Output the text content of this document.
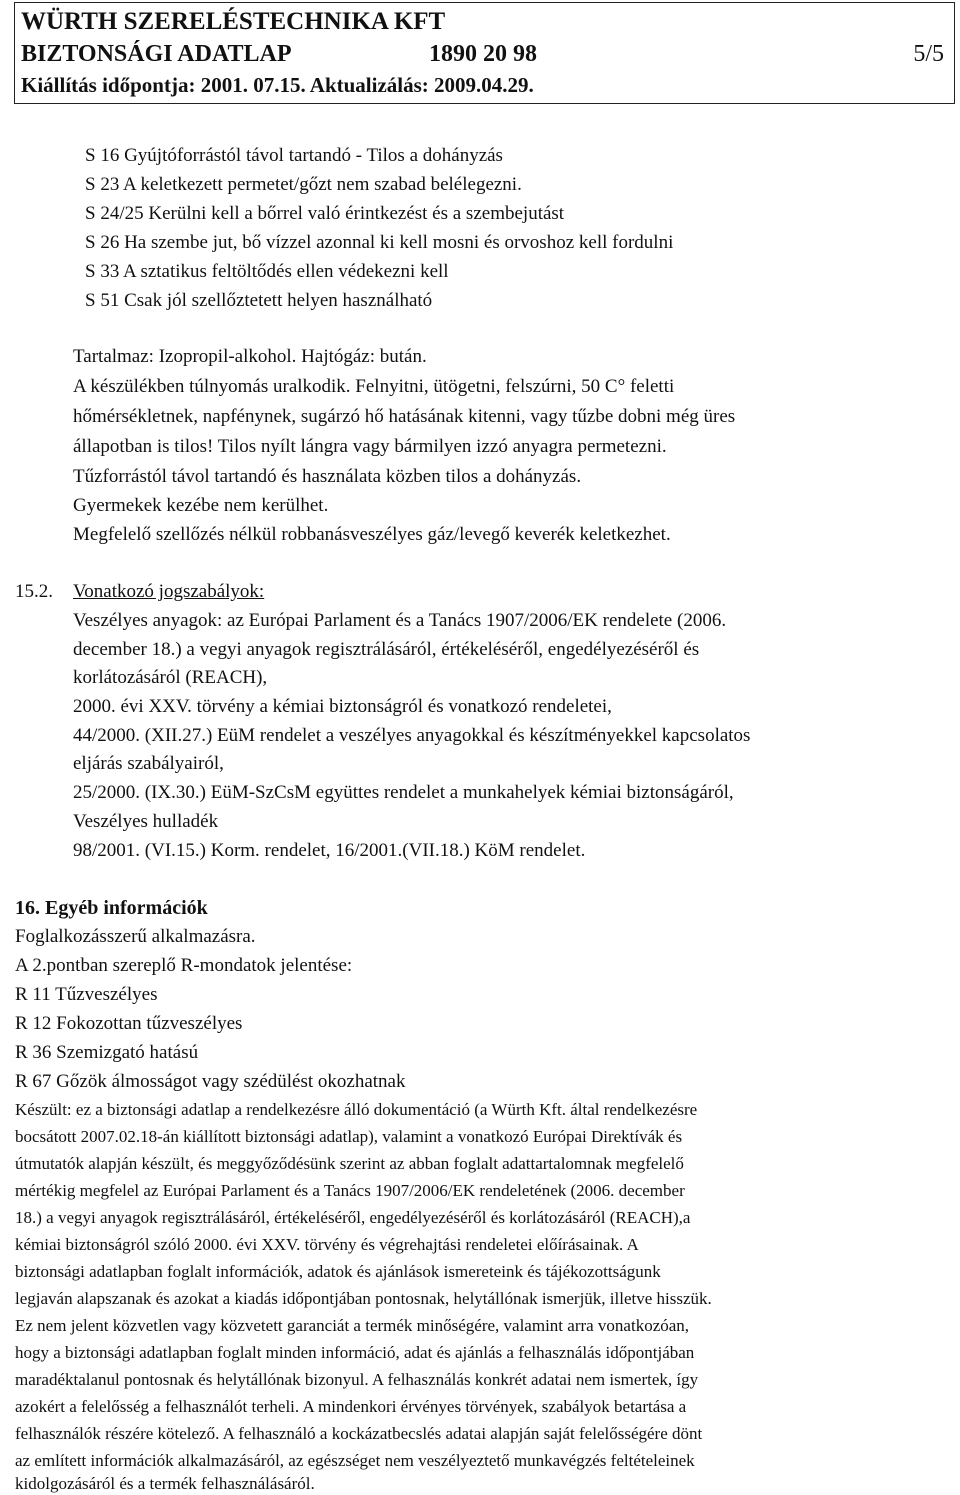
WÜRTH SZERELÉSTECHNIKA KFT
BIZTONSÁGI ADATLAP	1890 20 98	5/5
Kiállítás időpontja: 2001. 07.15. Aktualizálás: 2009.04.29.
S 16 Gyújtóforrástól távol tartandó - Tilos a dohányzás
S 23 A keletkezett permetet/gőzt nem szabad belélegezni.
S 24/25 Kerülni kell a bőrrel való érintkezést és a szembejutást
S 26 Ha szembe jut, bő vízzel azonnal ki kell mosni és orvoshoz kell fordulni
S 33 A sztatikus feltöltődés ellen védekezni kell
S 51 Csak jól szellőztetett helyen használható
Tartalmaz: Izopropil-alkohol. Hajtógáz: bután.
A készülékben túlnyomás uralkodik. Felnyitni, ütögetni, felszúrni, 50 C° feletti
hőmérsékletnek, napfénynek, sugárzó hő hatásának kitenni, vagy tűzbe dobni még üres
állapotban is tilos! Tilos nyílt lángra vagy bármilyen izzó anyagra permetezni.
Tűzforrástól távol tartandó és használata közben tilos a dohányzás.
Gyermekek kezébe nem kerülhet.
Megfelelő szellőzés nélkül robbanásveszélyes gáz/levegő keverék keletkezhet.
15.2. Vonatkozó jogszabályok:
Veszélyes anyagok: az Európai Parlament és a Tanács 1907/2006/EK rendelete (2006.
december 18.) a vegyi anyagok regisztrálásáról, értékeléséről, engedélyezéséről és
korlátozásáról (REACH),
2000. évi XXV. törvény a kémiai biztonságról és vonatkozó rendeletei,
44/2000. (XII.27.) EüM rendelet a veszélyes anyagokkal és készítményekkel kapcsolatos
eljárás szabályairól,
25/2000. (IX.30.) EüM-SzCsM együttes rendelet a munkahelyek kémiai biztonságáról,
Veszélyes hulladék
98/2001. (VI.15.) Korm. rendelet, 16/2001.(VII.18.) KöM rendelet.
16. Egyéb információk
Foglalkozásszerű alkalmazásra.
A 2.pontban szereplő R-mondatok jelentése:
R 11 Tűzveszélyes
R 12 Fokozottan tűzveszélyes
R 36 Szemizgató hatású
R 67 Gőzök álmosságot vagy szédülést okozhatnak
Készült: ez a biztonsági adatlap a rendelkezésre álló dokumentáció (a Würth Kft. által rendelkezésre
bocsátott 2007.02.18-án kiállított biztonsági adatlap), valamint a vonatkozó Európai Direktívák és
útmutatók alapján készült, és meggyőződésünk szerint az abban foglalt adattartalomnak megfelelő
mértékig megfelel az Európai Parlament és a Tanács 1907/2006/EK rendeletének (2006. december
18.) a vegyi anyagok regisztrálásáról, értékeléséről, engedélyezéséről és korlátozásáról (REACH),a
kémiai biztonságról szóló 2000. évi XXV. törvény és végrehajtási rendeletei előírásainak. A
biztonsági adatlapban foglalt információk, adatok és ajánlások ismereteink és tájékozottságunk
legjaván alapszanak és azokat a kiadás időpontjában pontosnak, helytállónak ismerjük, illetve hisszük.
Ez nem jelent közvetlen vagy közvetett garanciát a termék minőségére, valamint arra vonatkozóan,
hogy a biztonsági adatlapban foglalt minden információ, adat és ajánlás a felhasználás időpontjában
maradéktalanul pontosnak és helytállónak bizonyul. A felhasználás konkrét adatai nem ismertek, így
azokért a felelősség a felhasználót terheli. A mindenkori érvényes törvények, szabályok betartása a
felhasználók részére kötelező. A felhasználó a kockázatbecslés adatai alapján saját felelősségére dönt
az említett információk alkalmazásáról, az egészséget nem veszélyeztető munkavégzés feltételeinek
kidolgozásáról és a termék felhasználásáról.
